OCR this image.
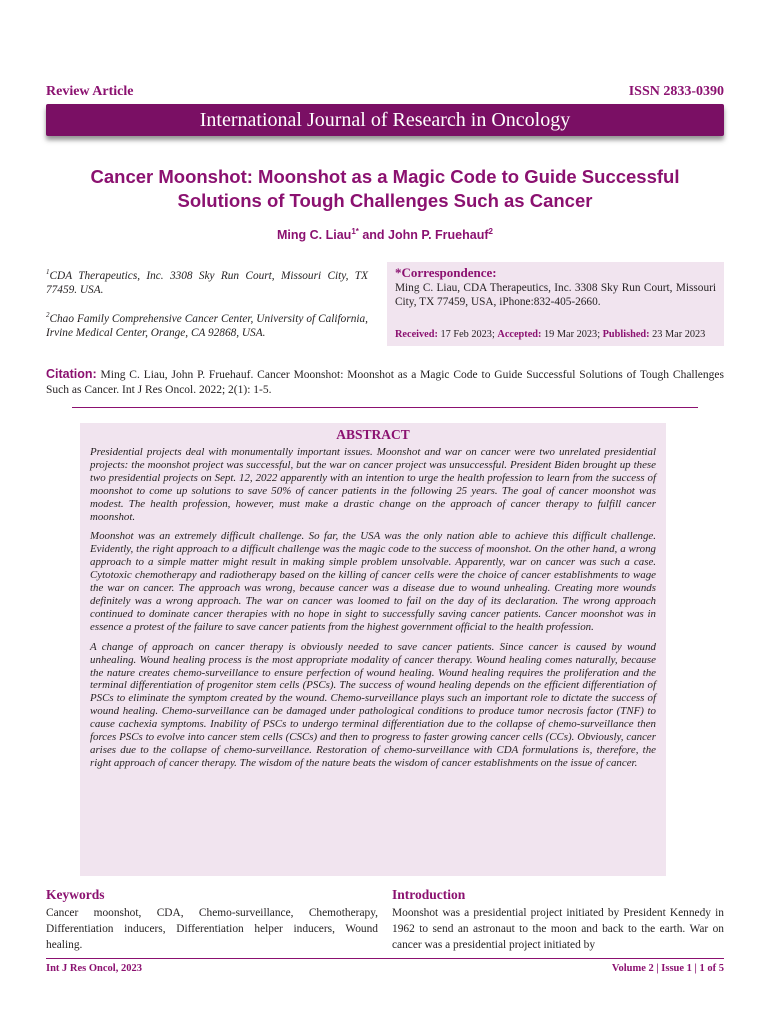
Review Article	ISSN 2833-0390
International Journal of Research in Oncology
Cancer Moonshot: Moonshot as a Magic Code to Guide Successful
Solutions of Tough Challenges Such as Cancer
Ming C. Liau$^{1*}$ and John P. Fruehauf$^2$
$^1$CDA Therapeutics, Inc. 3308 Sky Run Court, Missouri City, TX 77459. USA.
$^2$Chao Family Comprehensive Cancer Center, University of California, Irvine Medical Center, Orange, CA 92868, USA.
*Correspondence:
Ming C. Liau, CDA Therapeutics, Inc. 3308 Sky Run Court, Missouri City, TX 77459, USA, iPhone:832-405-2660.
Received: 17 Feb 2023; Accepted: 19 Mar 2023; Published: 23 Mar 2023
Citation: Ming C. Liau, John P. Fruehauf. Cancer Moonshot: Moonshot as a Magic Code to Guide Successful Solutions of Tough Challenges Such as Cancer. Int J Res Oncol. 2022; 2(1): 1-5.
ABSTRACT

Presidential projects deal with monumentally important issues. Moonshot and war on cancer were two unrelated presidential projects: the moonshot project was successful, but the war on cancer project was unsuccessful. President Biden brought up these two presidential projects on Sept. 12, 2022 apparently with an intention to urge the health profession to learn from the success of moonshot to come up solutions to save 50% of cancer patients in the following 25 years. The goal of cancer moonshot was modest. The health profession, however, must make a drastic change on the approach of cancer therapy to fulfill cancer moonshot.

Moonshot was an extremely difficult challenge. So far, the USA was the only nation able to achieve this difficult challenge. Evidently, the right approach to a difficult challenge was the magic code to the success of moonshot. On the other hand, a wrong approach to a simple matter might result in making simple problem unsolvable. Apparently, war on cancer was such a case. Cytotoxic chemotherapy and radiotherapy based on the killing of cancer cells were the choice of cancer establishments to wage the war on cancer. The approach was wrong, because cancer was a disease due to wound unhealing. Creating more wounds definitely was a wrong approach. The war on cancer was loomed to fail on the day of its declaration. The wrong approach continued to dominate cancer therapies with no hope in sight to successfully saving cancer patients. Cancer moonshot was in essence a protest of the failure to save cancer patients from the highest government official to the health profession.

A change of approach on cancer therapy is obviously needed to save cancer patients. Since cancer is caused by wound unhealing. Wound healing process is the most appropriate modality of cancer therapy. Wound healing comes naturally, because the nature creates chemo-surveillance to ensure perfection of wound healing. Wound healing requires the proliferation and the terminal differentiation of progenitor stem cells (PSCs). The success of wound healing depends on the efficient differentiation of PSCs to eliminate the symptom created by the wound. Chemo-surveillance plays such an important role to dictate the success of wound healing. Chemo-surveillance can be damaged under pathological conditions to produce tumor necrosis factor (TNF) to cause cachexia symptoms. Inability of PSCs to undergo terminal differentiation due to the collapse of chemo-surveillance then forces PSCs to evolve into cancer stem cells (CSCs) and then to progress to faster growing cancer cells (CCs). Obviously, cancer arises due to the collapse of chemo-surveillance. Restoration of chemo-surveillance with CDA formulations is, therefore, the right approach of cancer therapy. The wisdom of the nature beats the wisdom of cancer establishments on the issue of cancer.

Keywords
Cancer moonshot, CDA, Chemo-surveillance, Chemotherapy, Differentiation inducers, Differentiation helper inducers, Wound healing.
Introduction
Moonshot was a presidential project initiated by President Kennedy in 1962 to send an astronaut to the moon and back to the earth. War on cancer was a presidential project initiated by
Int J Res Oncol, 2023	Volume 2 | Issue 1 | 1 of 5
